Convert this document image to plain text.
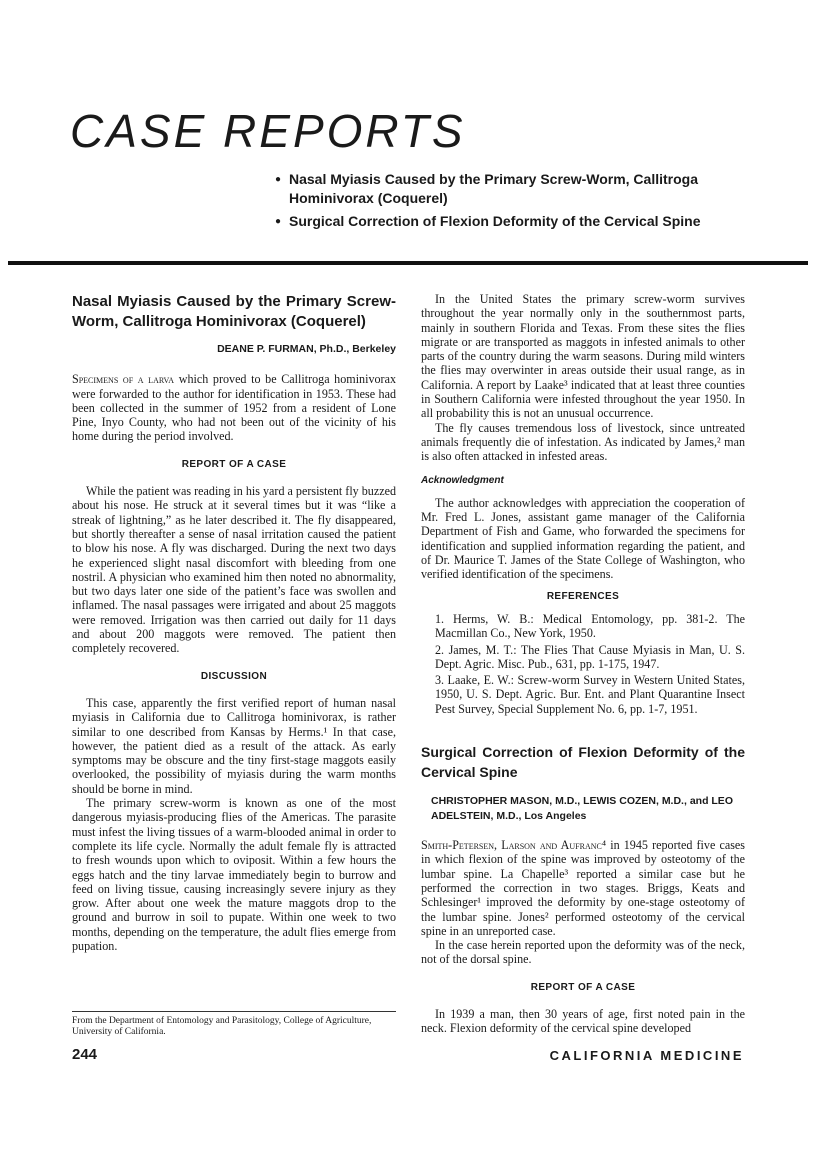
CASE REPORTS
● Nasal Myiasis Caused by the Primary Screw-Worm, Callitroga Hominivorax (Coquerel)
● Surgical Correction of Flexion Deformity of the Cervical Spine
Nasal Myiasis Caused by the Primary Screw-Worm, Callitroga Hominivorax (Coquerel)
DEANE P. FURMAN, Ph.D., Berkeley

Specimens of a larva which proved to be Callitroga hominivorax were forwarded to the author for identification in 1953. These had been collected in the summer of 1952 from a resident of Lone Pine, Inyo County, who had not been out of the vicinity of his home during the period involved.

REPORT OF A CASE

While the patient was reading in his yard a persistent fly buzzed about his nose. He struck at it several times but it was “like a streak of lightning,” as he later described it. The fly disappeared, but shortly thereafter a sense of nasal irritation caused the patient to blow his nose. A fly was discharged. During the next two days he experienced slight nasal discomfort with bleeding from one nostril. A physician who examined him then noted no abnormality, but two days later one side of the patient’s face was swollen and inflamed. The nasal passages were irrigated and about 25 maggots were removed. Irrigation was then carried out daily for 11 days and about 200 maggots were removed. The patient then completely recovered.

DISCUSSION

This case, apparently the first verified report of human nasal myiasis in California due to Callitroga hominivorax, is rather similar to one described from Kansas by Herms.¹ In that case, however, the patient died as a result of the attack. As early symptoms may be obscure and the tiny first-stage maggots easily overlooked, the possibility of myiasis during the warm months should be borne in mind.

The primary screw-worm is known as one of the most dangerous myiasis-producing flies of the Americas. The parasite must infest the living tissues of a warm-blooded animal in order to complete its life cycle. Normally the adult female fly is attracted to fresh wounds upon which to oviposit. Within a few hours the eggs hatch and the tiny larvae immediately begin to burrow and feed on living tissue, causing increasingly severe injury as they grow. After about one week the mature maggots drop to the ground and burrow in soil to pupate. Within one week to two months, depending on the temperature, the adult flies emerge from pupation.

From the Department of Entomology and Parasitology, College of Agriculture, University of California.

In the United States the primary screw-worm survives throughout the year normally only in the southernmost parts, mainly in southern Florida and Texas. From these sites the flies migrate or are transported as maggots in infested animals to other parts of the country during the warm seasons. During mild winters the flies may overwinter in areas outside their usual range, as in California. A report by Laake³ indicated that at least three counties in Southern California were infested throughout the year 1950. In all probability this is not an unusual occurrence.

The fly causes tremendous loss of livestock, since untreated animals frequently die of infestation. As indicated by James,² man is also often attacked in infested areas.

Acknowledgment

The author acknowledges with appreciation the cooperation of Mr. Fred L. Jones, assistant game manager of the California Department of Fish and Game, who forwarded the specimens for identification and supplied information regarding the patient, and of Dr. Maurice T. James of the State College of Washington, who verified identification of the specimens.

REFERENCES
1. Herms, W. B.: Medical Entomology, pp. 381-2. The Macmillan Co., New York, 1950.
2. James, M. T.: The Flies That Cause Myiasis in Man, U. S. Dept. Agric. Misc. Pub., 631, pp. 1-175, 1947.
3. Laake, E. W.: Screw-worm Survey in Western United States, 1950, U. S. Dept. Agric. Bur. Ent. and Plant Quarantine Insect Pest Survey, Special Supplement No. 6, pp. 1-7, 1951.
Surgical Correction of Flexion Deformity of the Cervical Spine
CHRISTOPHER MASON, M.D., LEWIS COZEN, M.D., and LEO ADELSTEIN, M.D., Los Angeles

Smith-Petersen, Larson and Aufranc⁴ in 1945 reported five cases in which flexion of the spine was improved by osteotomy of the lumbar spine. La Chapelle³ reported a similar case but he performed the correction in two stages. Briggs, Keats and Schlesinger¹ improved the deformity by one-stage osteotomy of the lumbar spine. Jones² performed osteotomy of the cervical spine in an unreported case.

In the case herein reported upon the deformity was of the neck, not of the dorsal spine.

REPORT OF A CASE

In 1939 a man, then 30 years of age, first noted pain in the neck. Flexion deformity of the cervical spine developed

244	CALIFORNIA MEDICINE
